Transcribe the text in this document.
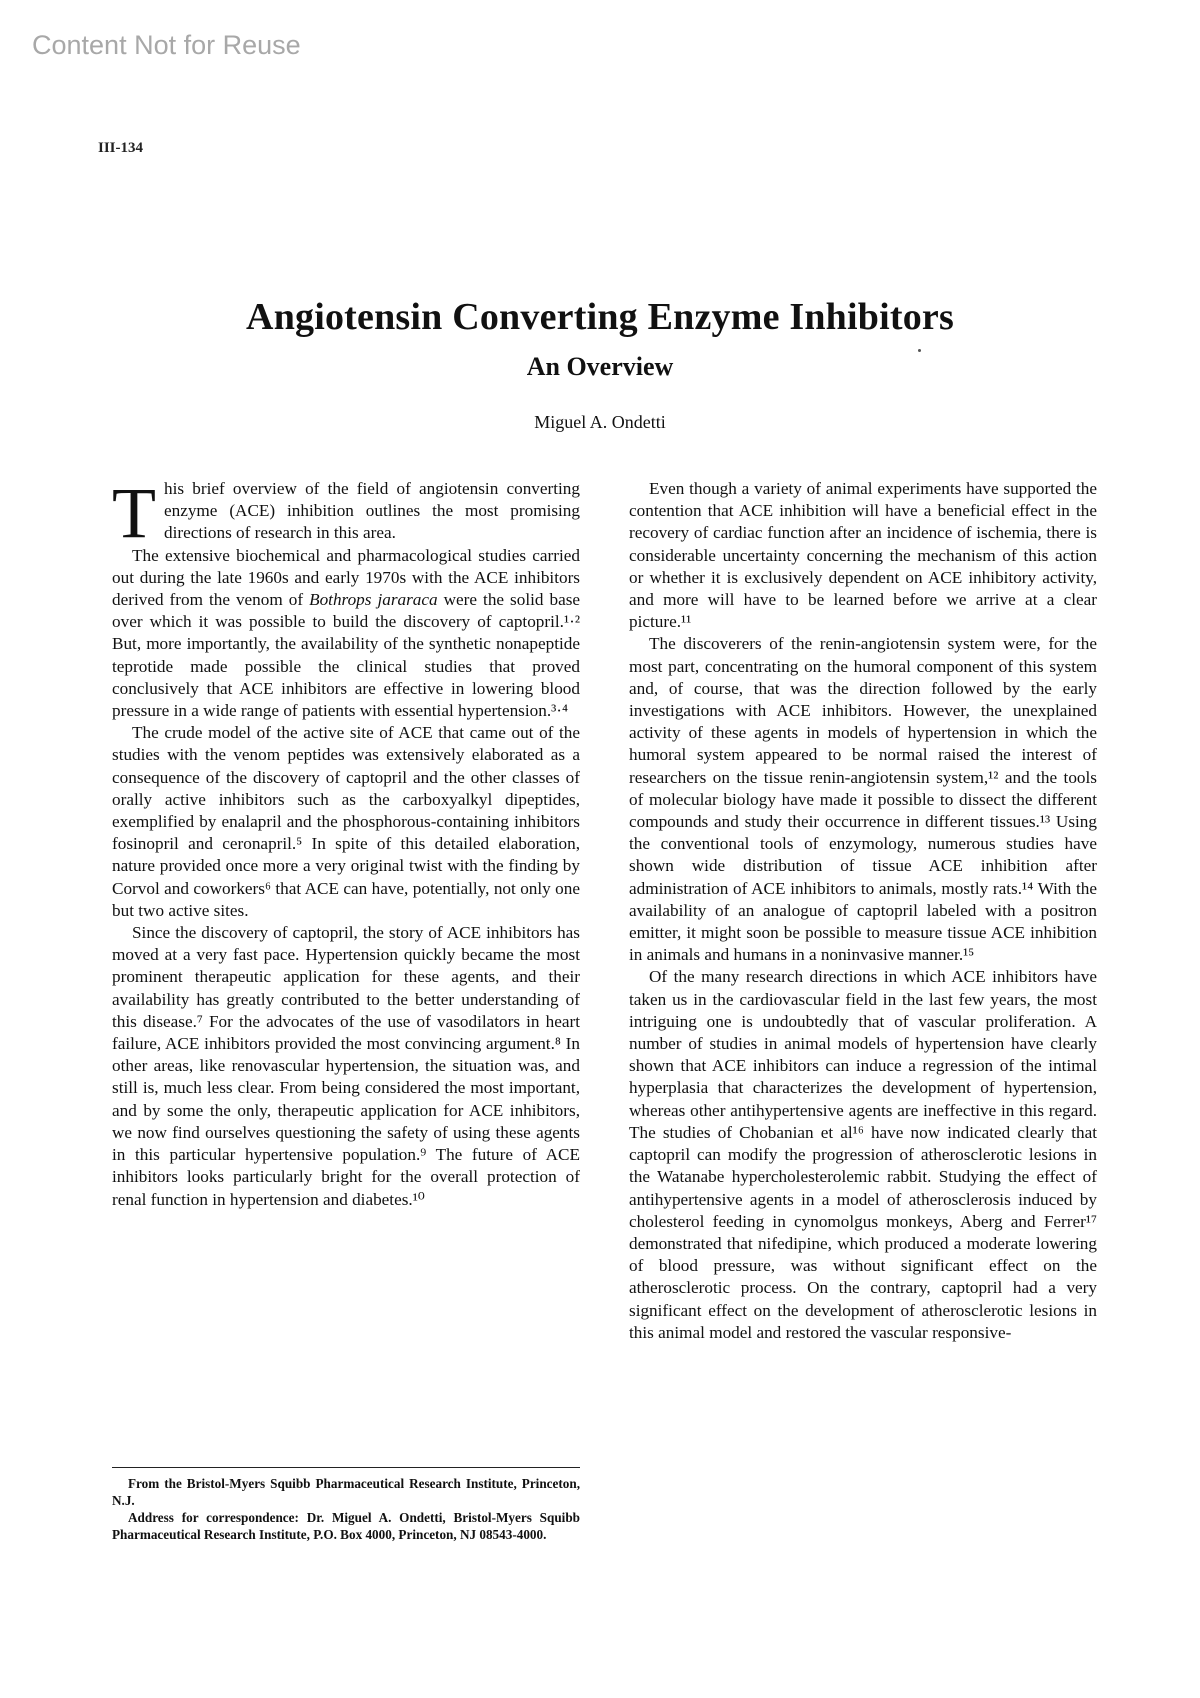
Content Not for Reuse
III-134
Angiotensin Converting Enzyme Inhibitors
An Overview
Miguel A. Ondetti

This brief overview of the field of angiotensin converting enzyme (ACE) inhibition outlines the most promising directions of research in this area.

The extensive biochemical and pharmacological studies carried out during the late 1960s and early 1970s with the ACE inhibitors derived from the venom of Bothrops jararaca were the solid base over which it was possible to build the discovery of captopril.¹·² But, more importantly, the availability of the synthetic nonapeptide teprotide made possible the clinical studies that proved conclusively that ACE inhibitors are effective in lowering blood pressure in a wide range of patients with essential hypertension.³·⁴

The crude model of the active site of ACE that came out of the studies with the venom peptides was extensively elaborated as a consequence of the discovery of captopril and the other classes of orally active inhibitors such as the carboxyalkyl dipeptides, exemplified by enalapril and the phosphorous-containing inhibitors fosinopril and ceronapril.⁵ In spite of this detailed elaboration, nature provided once more a very original twist with the finding by Corvol and coworkers⁶ that ACE can have, potentially, not only one but two active sites.

Since the discovery of captopril, the story of ACE inhibitors has moved at a very fast pace. Hypertension quickly became the most prominent therapeutic application for these agents, and their availability has greatly contributed to the better understanding of this disease.⁷ For the advocates of the use of vasodilators in heart failure, ACE inhibitors provided the most convincing argument.⁸ In other areas, like renovascular hypertension, the situation was, and still is, much less clear. From being considered the most important, and by some the only, therapeutic application for ACE inhibitors, we now find ourselves questioning the safety of using these agents in this particular hypertensive population.⁹ The future of ACE inhibitors looks particularly bright for the overall protection of renal function in hypertension and diabetes.¹⁰

From the Bristol-Myers Squibb Pharmaceutical Research Institute, Princeton, N.J.

Address for correspondence: Dr. Miguel A. Ondetti, Bristol-Myers Squibb Pharmaceutical Research Institute, P.O. Box 4000, Princeton, NJ 08543-4000.

Even though a variety of animal experiments have supported the contention that ACE inhibition will have a beneficial effect in the recovery of cardiac function after an incidence of ischemia, there is considerable uncertainty concerning the mechanism of this action or whether it is exclusively dependent on ACE inhibitory activity, and more will have to be learned before we arrive at a clear picture.¹¹

The discoverers of the renin-angiotensin system were, for the most part, concentrating on the humoral component of this system and, of course, that was the direction followed by the early investigations with ACE inhibitors. However, the unexplained activity of these agents in models of hypertension in which the humoral system appeared to be normal raised the interest of researchers on the tissue renin-angiotensin system,¹² and the tools of molecular biology have made it possible to dissect the different compounds and study their occurrence in different tissues.¹³ Using the conventional tools of enzymology, numerous studies have shown wide distribution of tissue ACE inhibition after administration of ACE inhibitors to animals, mostly rats.¹⁴ With the availability of an analogue of captopril labeled with a positron emitter, it might soon be possible to measure tissue ACE inhibition in animals and humans in a noninvasive manner.¹⁵

Of the many research directions in which ACE inhibitors have taken us in the cardiovascular field in the last few years, the most intriguing one is undoubtedly that of vascular proliferation. A number of studies in animal models of hypertension have clearly shown that ACE inhibitors can induce a regression of the intimal hyperplasia that characterizes the development of hypertension, whereas other antihypertensive agents are ineffective in this regard. The studies of Chobanian et al¹⁶ have now indicated clearly that captopril can modify the progression of atherosclerotic lesions in the Watanabe hypercholesterolemic rabbit. Studying the effect of antihypertensive agents in a model of atherosclerosis induced by cholesterol feeding in cynomolgus monkeys, Aberg and Ferrer¹⁷ demonstrated that nifedipine, which produced a moderate lowering of blood pressure, was without significant effect on the atherosclerotic process. On the contrary, captopril had a very significant effect on the development of atherosclerotic lesions in this animal model and restored the vascular responsive-
